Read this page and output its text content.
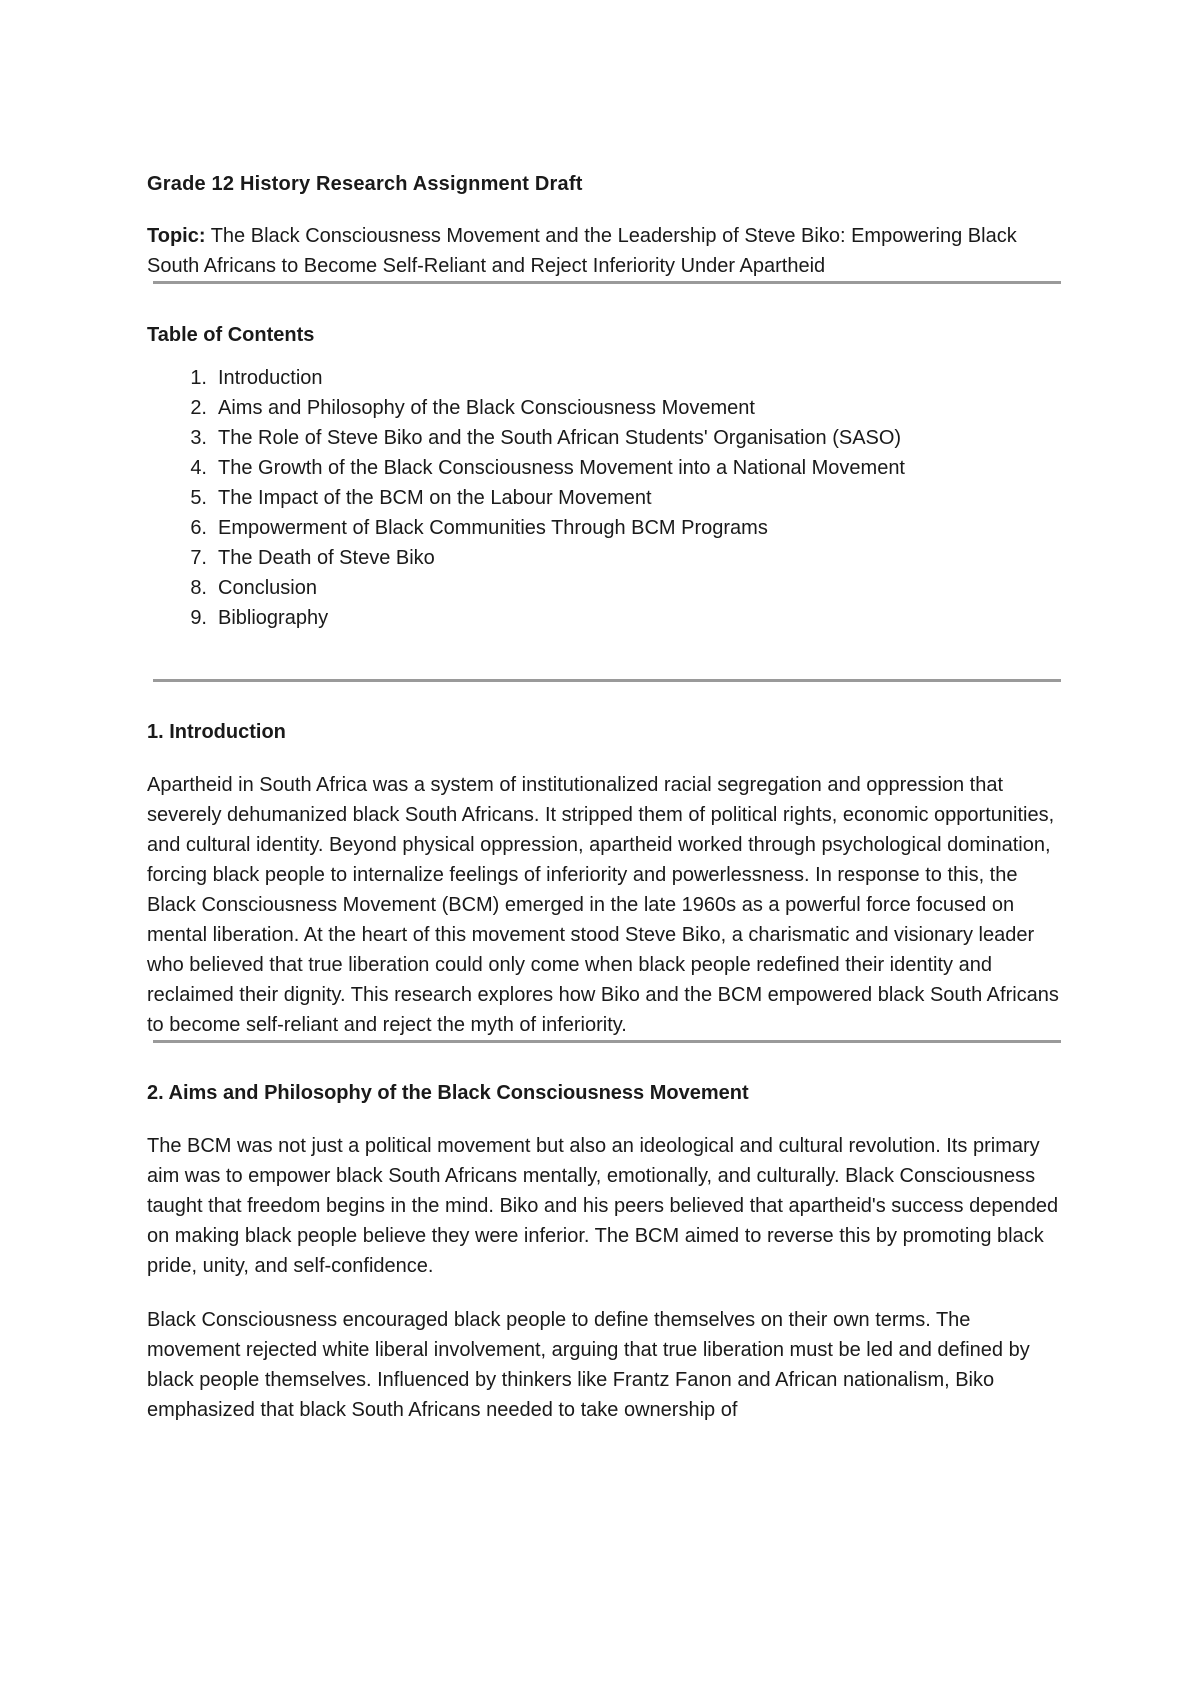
Grade 12 History Research Assignment Draft

Topic: The Black Consciousness Movement and the Leadership of Steve Biko: Empowering Black South Africans to Become Self-Reliant and Reject Inferiority Under Apartheid

Table of Contents
1. Introduction
2. Aims and Philosophy of the Black Consciousness Movement
3. The Role of Steve Biko and the South African Students' Organisation (SASO)
4. The Growth of the Black Consciousness Movement into a National Movement
5. The Impact of the BCM on the Labour Movement
6. Empowerment of Black Communities Through BCM Programs
7. The Death of Steve Biko
8. Conclusion
9. Bibliography
1. Introduction

Apartheid in South Africa was a system of institutionalized racial segregation and oppression that severely dehumanized black South Africans. It stripped them of political rights, economic opportunities, and cultural identity. Beyond physical oppression, apartheid worked through psychological domination, forcing black people to internalize feelings of inferiority and powerlessness. In response to this, the Black Consciousness Movement (BCM) emerged in the late 1960s as a powerful force focused on mental liberation. At the heart of this movement stood Steve Biko, a charismatic and visionary leader who believed that true liberation could only come when black people redefined their identity and reclaimed their dignity. This research explores how Biko and the BCM empowered black South Africans to become self-reliant and reject the myth of inferiority.

2. Aims and Philosophy of the Black Consciousness Movement

The BCM was not just a political movement but also an ideological and cultural revolution. Its primary aim was to empower black South Africans mentally, emotionally, and culturally. Black Consciousness taught that freedom begins in the mind. Biko and his peers believed that apartheid's success depended on making black people believe they were inferior. The BCM aimed to reverse this by promoting black pride, unity, and self-confidence.

Black Consciousness encouraged black people to define themselves on their own terms. The movement rejected white liberal involvement, arguing that true liberation must be led and defined by black people themselves. Influenced by thinkers like Frantz Fanon and African nationalism, Biko emphasized that black South Africans needed to take ownership of
